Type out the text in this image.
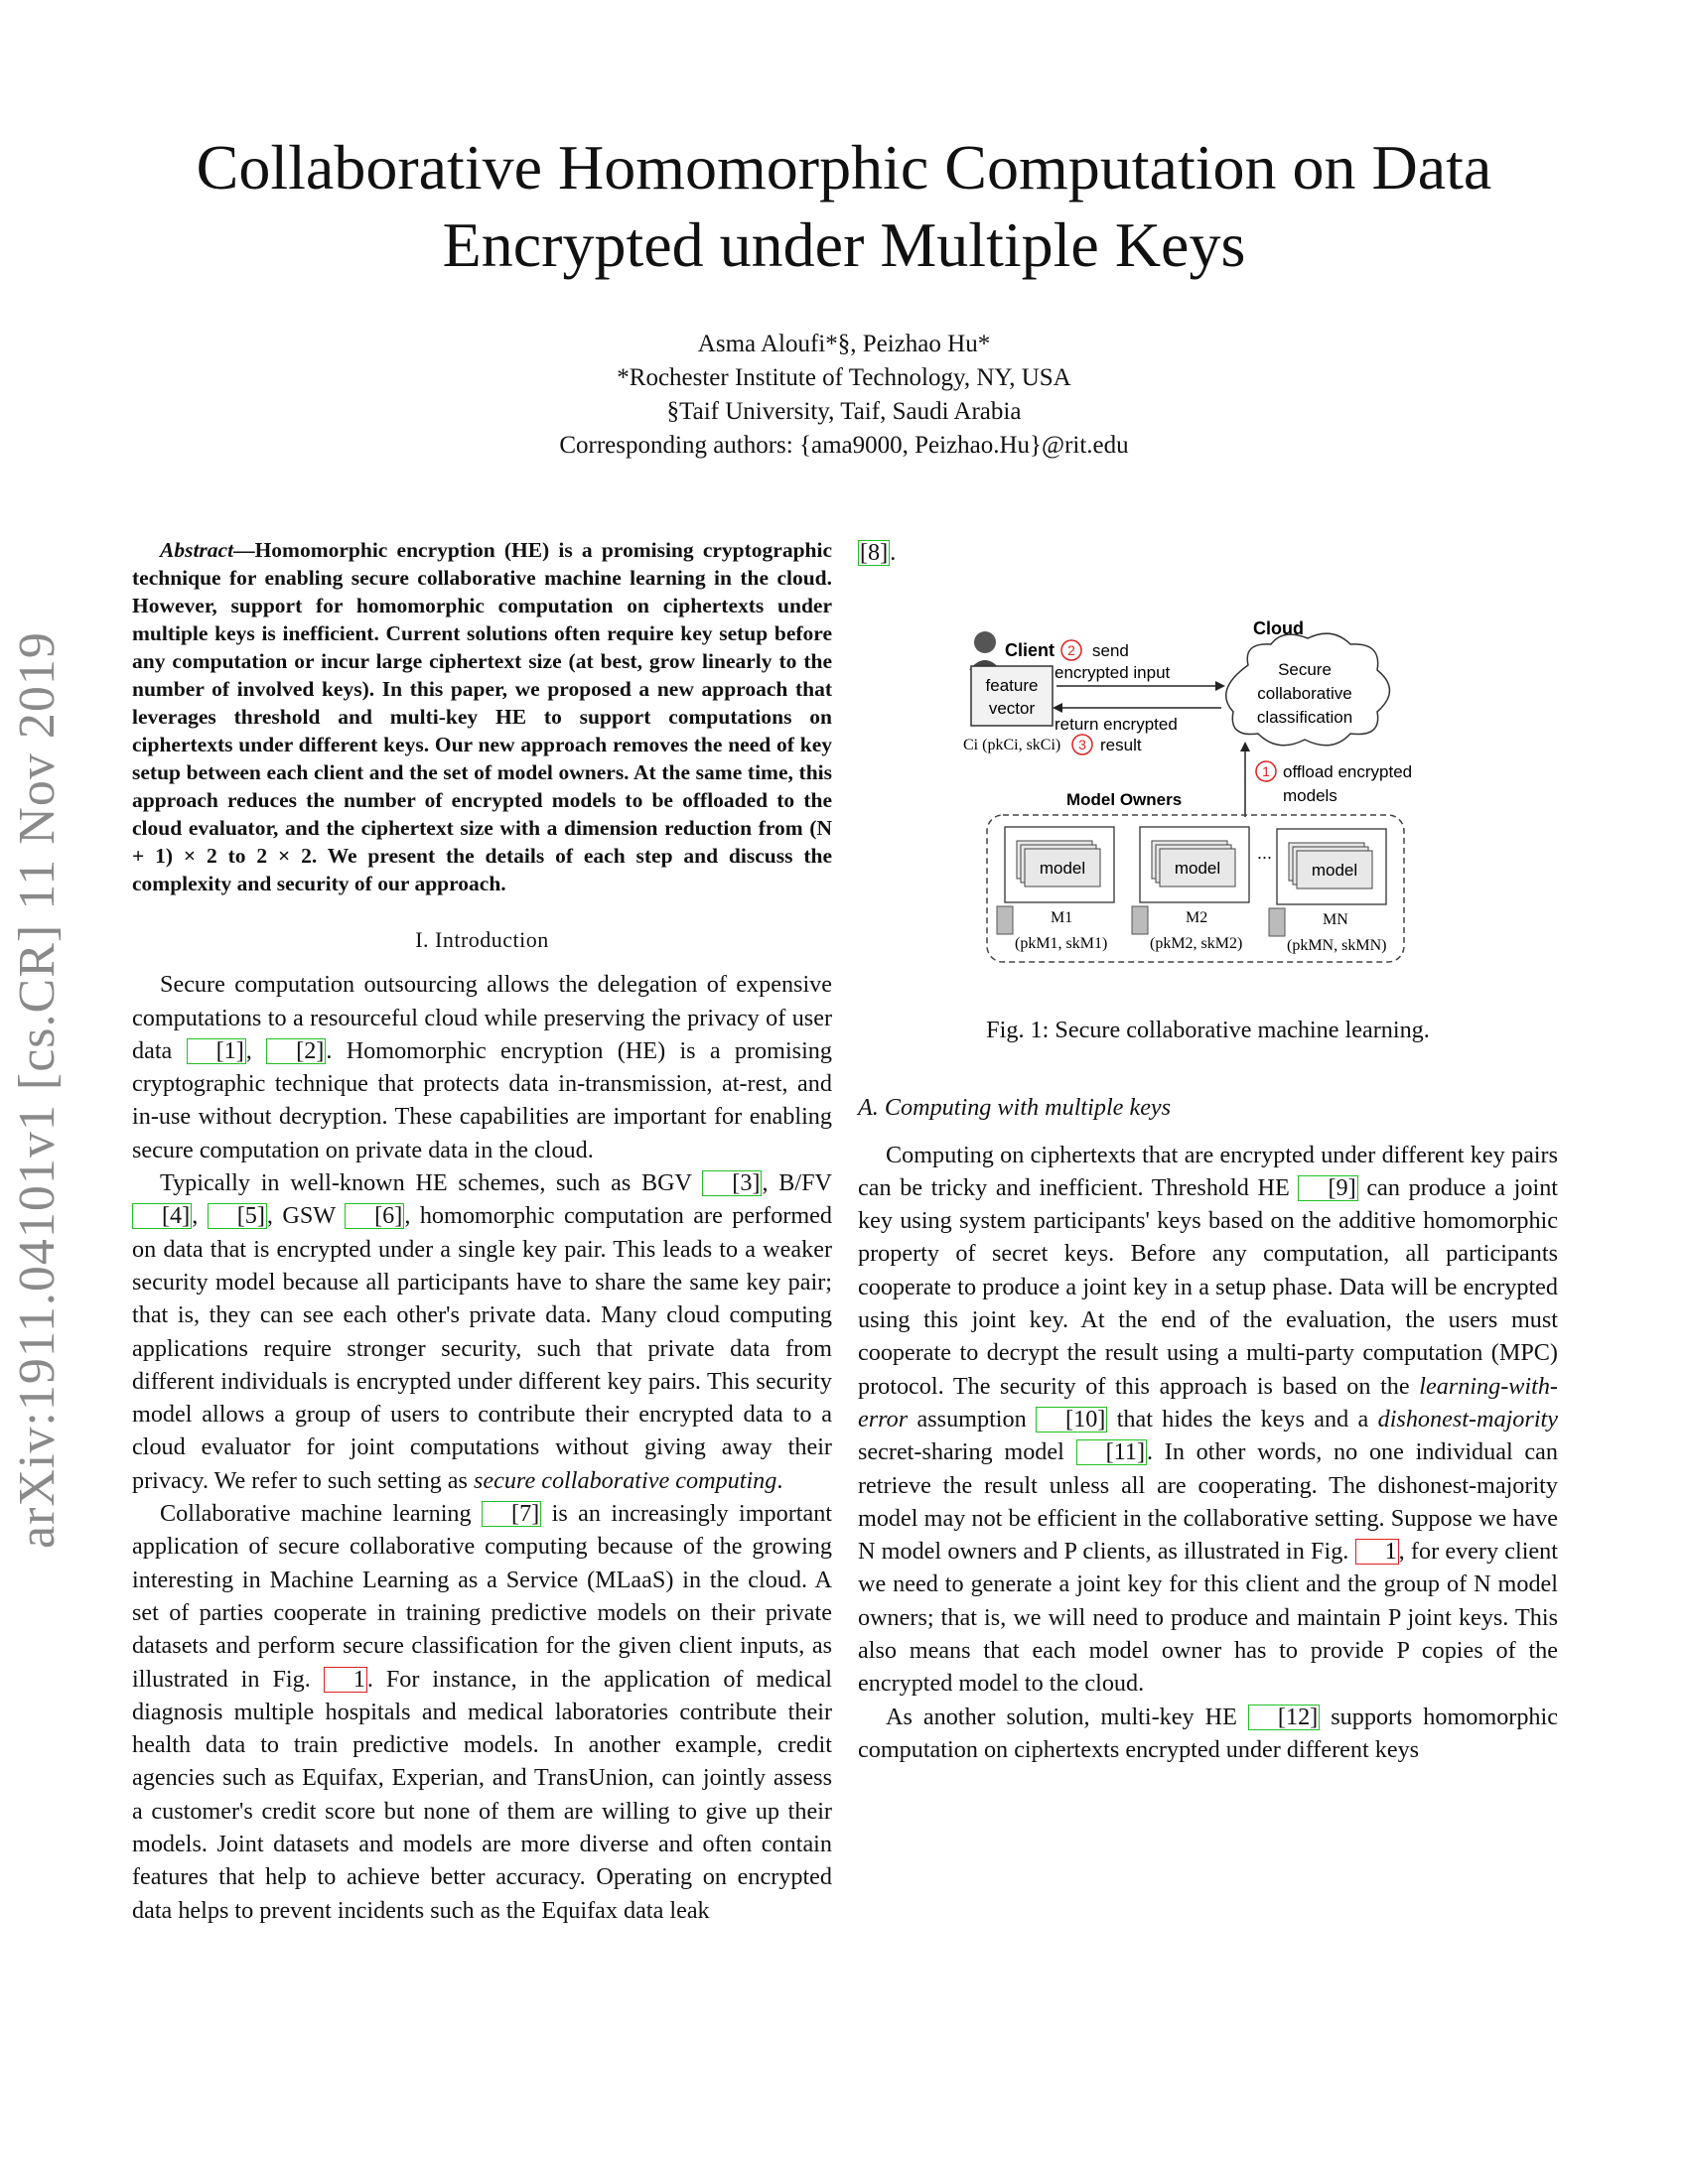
arXiv:1911.04101v1 [cs.CR] 11 Nov 2019
Collaborative Homomorphic Computation on Data
Encrypted under Multiple Keys
Asma Aloufi*§, Peizhao Hu*
*Rochester Institute of Technology, NY, USA
§Taif University, Taif, Saudi Arabia
Corresponding authors: {ama9000, Peizhao.Hu}@rit.edu

Abstract—Homomorphic encryption (HE) is a promising cryptographic technique for enabling secure collaborative machine learning in the cloud. However, support for homomorphic computation on ciphertexts under multiple keys is inefficient. Current solutions often require key setup before any computation or incur large ciphertext size (at best, grow linearly to the number of involved keys). In this paper, we proposed a new approach that leverages threshold and multi-key HE to support computations on ciphertexts under different keys. Our new approach removes the need of key setup between each client and the set of model owners. At the same time, this approach reduces the number of encrypted models to be offloaded to the cloud evaluator, and the ciphertext size with a dimension reduction from (N + 1) × 2 to 2 × 2. We present the details of each step and discuss the complexity and security of our approach.

I. Introduction

Secure computation outsourcing allows the delegation of expensive computations to a resourceful cloud while preserving the privacy of user data [1], [2]. Homomorphic encryption (HE) is a promising cryptographic technique that protects data in-transmission, at-rest, and in-use without decryption. These capabilities are important for enabling secure computation on private data in the cloud.

Typically in well-known HE schemes, such as BGV [3], B/FV [4], [5], GSW [6], homomorphic computation are performed on data that is encrypted under a single key pair. This leads to a weaker security model because all participants have to share the same key pair; that is, they can see each other's private data. Many cloud computing applications require stronger security, such that private data from different individuals is encrypted under different key pairs. This security model allows a group of users to contribute their encrypted data to a cloud evaluator for joint computations without giving away their privacy. We refer to such setting as secure collaborative computing.

Collaborative machine learning [7] is an increasingly important application of secure collaborative computing because of the growing interesting in Machine Learning as a Service (MLaaS) in the cloud. A set of parties cooperate in training predictive models on their private datasets and perform secure classification for the given client inputs, as illustrated in Fig. 1. For instance, in the application of medical diagnosis multiple hospitals and medical laboratories contribute their health data to train predictive models. In another example, credit agencies such as Equifax, Experian, and TransUnion, can jointly assess a customer's credit score but none of them are willing to give up their models. Joint datasets and models are more diverse and often contain features that help to achieve better accuracy. Operating on encrypted data helps to prevent incidents such as the Equifax data leak

[8].

Client
feature
vector
Ci (pkCi, skCi)
2 send
encrypted input
return encrypted
3 result
Cloud
Secure
collaborative
classification
1 offload encrypted
models
Model Owners
model
M1
(pkM1, skM1)
model
M2
(pkM2, skM2)
...
model
MN
(pkMN, skMN)
Fig. 1: Secure collaborative machine learning.

A. Computing with multiple keys

Computing on ciphertexts that are encrypted under different key pairs can be tricky and inefficient. Threshold HE [9] can produce a joint key using system participants' keys based on the additive homomorphic property of secret keys. Before any computation, all participants cooperate to produce a joint key in a setup phase. Data will be encrypted using this joint key. At the end of the evaluation, the users must cooperate to decrypt the result using a multi-party computation (MPC) protocol. The security of this approach is based on the learning-with-error assumption [10] that hides the keys and a dishonest-majority secret-sharing model [11]. In other words, no one individual can retrieve the result unless all are cooperating. The dishonest-majority model may not be efficient in the collaborative setting. Suppose we have N model owners and P clients, as illustrated in Fig. 1, for every client we need to generate a joint key for this client and the group of N model owners; that is, we will need to produce and maintain P joint keys. This also means that each model owner has to provide P copies of the encrypted model to the cloud.

As another solution, multi-key HE [12] supports homomorphic computation on ciphertexts encrypted under different keys
